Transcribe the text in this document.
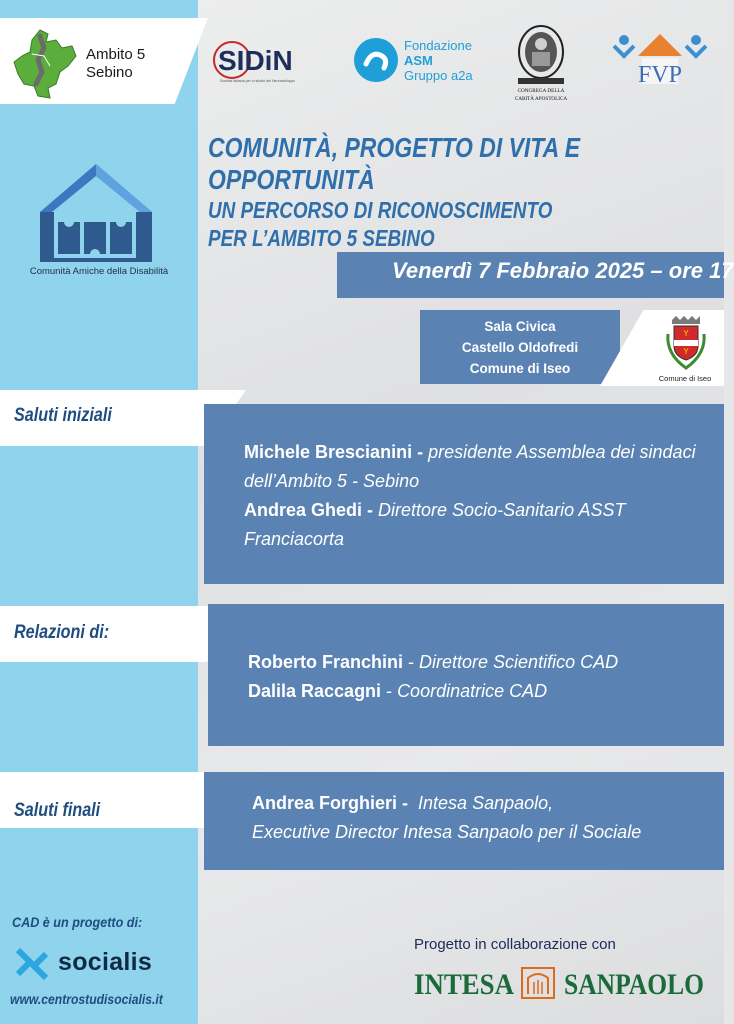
Ambito 5
Sebino	SIDiN
Società Italiana per lo studio del Neurosviluppo
Fondazione
ASM
Gruppo a2a
CONGREGA DELLA
CARITÀ APOSTOLICA
FVP
Comunità Amiche della Disabilità
COMUNITÀ, PROGETTO DI VITA E OPPORTUNITÀ
UN PERCORSO DI RICONOSCIMENTO
PER L’AMBITO 5 SEBINO
Venerdì 7 Febbraio 2025 – ore 17
Sala Civica
Castello Oldofredi
Comune di Iseo
Y
Y
Comune di Iseo
Saluti iniziali
Michele Brescianini - presidente Assemblea dei sindaci dell’Ambito 5 - Sebino
Andrea Ghedi - Direttore Socio-Sanitario ASST Franciacorta
Relazioni di:
Roberto Franchini - Direttore Scientifico CAD
Dalila Raccagni - Coordinatrice CAD
Saluti finali	Andrea Forghieri -  Intesa Sanpaolo,
Executive Director Intesa Sanpaolo per il Sociale
CAD è un progetto di:
socialis
www.centrostudisocialis.it
Progetto in collaborazione con
INTESA SANPAOLO
